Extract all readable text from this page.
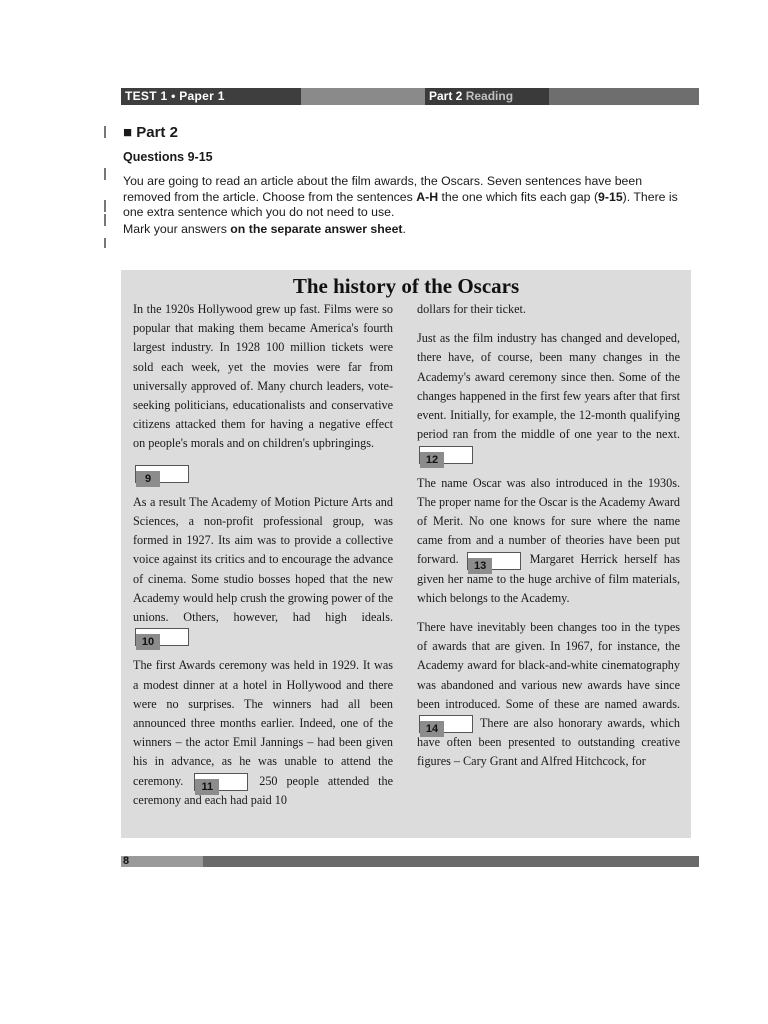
TEST 1 • Paper 1	Part 2 Reading
■ Part 2
Questions 9-15
You are going to read an article about the film awards, the Oscars. Seven sentences have been removed from the article. Choose from the sentences A-H the one which fits each gap (9-15). There is one extra sentence which you do not need to use.
Mark your answers on the separate answer sheet.
The history of the Oscars

In the 1920s Hollywood grew up fast. Films were so popular that making them became America's fourth largest industry. In 1928 100 million tickets were sold each week, yet the movies were far from universally approved of. Many church leaders, vote-seeking politicians, educationalists and conservative citizens attacked them for having a negative effect on people's morals and on children's upbringings.

9

As a result The Academy of Motion Picture Arts and Sciences, a non-profit professional group, was formed in 1927. Its aim was to provide a collective voice against its critics and to encourage the advance of cinema. Some studio bosses hoped that the new Academy would help crush the growing power of the unions. Others, however, had high ideals. 10

The first Awards ceremony was held in 1929. It was a modest dinner at a hotel in Hollywood and there were no surprises. The winners had all been announced three months earlier. Indeed, one of the winners – the actor Emil Jannings – had been given his in advance, as he was unable to attend the ceremony. 11	250 people attended the ceremony and each had paid 10

dollars for their ticket.

Just as the film industry has changed and developed, there have, of course, been many changes in the Academy's award ceremony since then. Some of the changes happened in the first few years after that first event. Initially, for example, the 12-month qualifying period ran from the middle of one year to the next. 12

The name Oscar was also introduced in the 1930s. The proper name for the Oscar is the Academy Award of Merit. No one knows for sure where the name came from and a number of theories have been put forward. 13	Margaret Herrick herself has given her name to the huge archive of film materials, which belongs to the Academy.

There have inevitably been changes too in the types of awards that are given. In 1967, for instance, the Academy award for black-and-white cinematography was abandoned and various new awards have since been introduced. Some of these are named awards. 14	There are also honorary awards, which have often been presented to outstanding creative figures – Cary Grant and Alfred Hitchcock, for

8
